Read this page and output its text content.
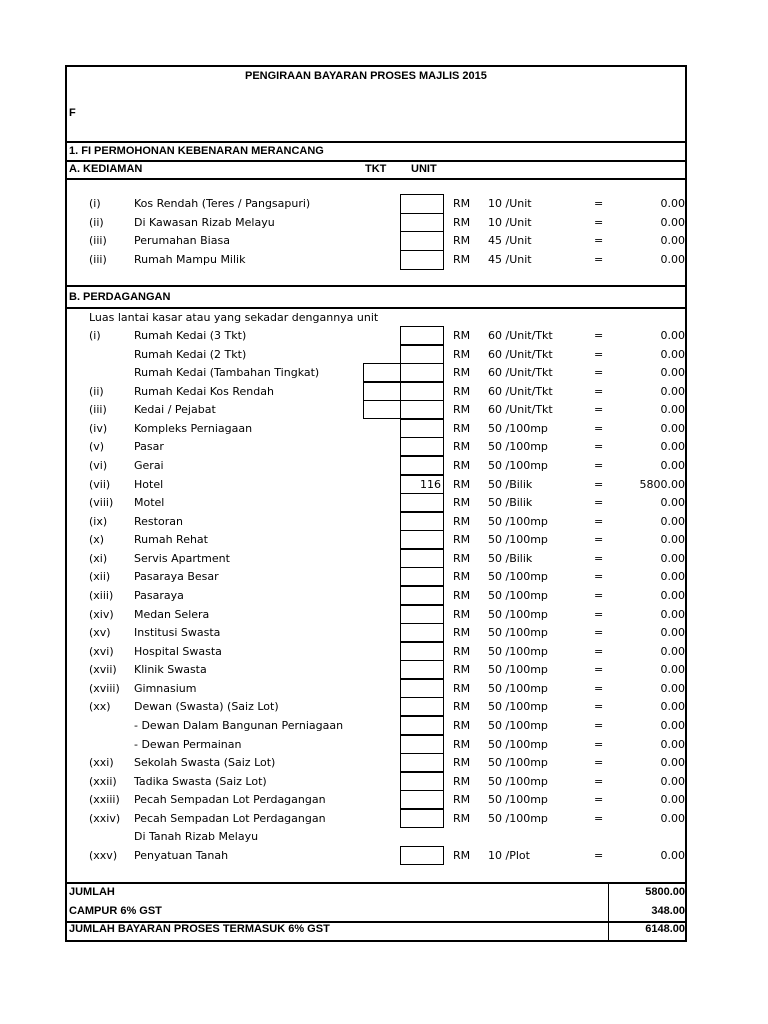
PENGIRAAN BAYARAN PROSES MAJLIS 2015
F
1. FI PERMOHONAN KEBENARAN MERANCANG
A. KEDIAMAN	TKT UNIT
(i)	Kos Rendah (Teres / Pangsapuri)	RM 10 /Unit	=	0.00
(ii)	Di Kawasan Rizab Melayu	RM 10 /Unit	=	0.00
(iii) Perumahan Biasa	RM 45 /Unit	=	0.00
(iii) Rumah Mampu Milik	RM 45 /Unit	=	0.00
B. PERDAGANGAN
Luas lantai kasar atau yang sekadar dengannya unit
(i)	Rumah Kedai (3 Tkt)	RM 60 /Unit/Tkt	=	0.00
Rumah Kedai (2 Tkt)	RM 60 /Unit/Tkt	=	0.00
Rumah Kedai (Tambahan Tingkat)	RM 60 /Unit/Tkt	=	0.00
(ii)	Rumah Kedai Kos Rendah	RM 60 /Unit/Tkt	=	0.00
(iii) Kedai / Pejabat	RM 60 /Unit/Tkt	=	0.00
(iv) Kompleks Perniagaan	RM 50 /100mp	=	0.00
(v)	Pasar	RM 50 /100mp	=	0.00
(vi) Gerai	RM 50 /100mp	=	0.00
(vii) Hotel	116 RM 50 /Bilik	=	5800.00
(viii) Motel	RM 50 /Bilik	=	0.00
(ix) Restoran	RM 50 /100mp	=	0.00
(x)	Rumah Rehat	RM 50 /100mp	=	0.00
(xi) Servis Apartment	RM 50 /Bilik	=	0.00
(xii) Pasaraya Besar	RM 50 /100mp	=	0.00
(xiii) Pasaraya	RM 50 /100mp	=	0.00
(xiv) Medan Selera	RM 50 /100mp	=	0.00
(xv) Institusi Swasta	RM 50 /100mp	=	0.00
(xvi) Hospital Swasta	RM 50 /100mp	=	0.00
(xvii) Klinik Swasta	RM 50 /100mp	=	0.00
(xviii) Gimnasium	RM 50 /100mp	=	0.00
(xx) Dewan (Swasta) (Saiz Lot)	RM 50 /100mp	=	0.00
- Dewan Dalam Bangunan Perniagaan	RM 50 /100mp	=	0.00
- Dewan Permainan	RM 50 /100mp	=	0.00
(xxi) Sekolah Swasta (Saiz Lot)	RM 50 /100mp	=	0.00
(xxii) Tadika Swasta (Saiz Lot)	RM 50 /100mp	=	0.00
(xxiii) Pecah Sempadan Lot Perdagangan	RM 50 /100mp	=	0.00
(xxiv) Pecah Sempadan Lot Perdagangan	RM 50 /100mp	=	0.00
Di Tanah Rizab Melayu
(xxv) Penyatuan Tanah	RM 10 /Plot	=	0.00
JUMLAH	5800.00
CAMPUR 6% GST	348.00
JUMLAH BAYARAN PROSES TERMASUK 6% GST	6148.00
